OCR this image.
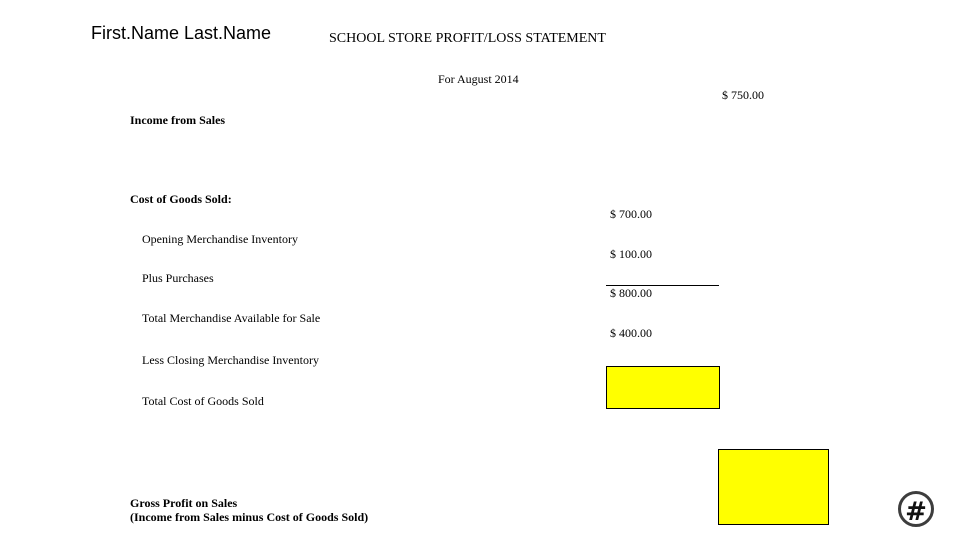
First.Name Last.Name	SCHOOL STORE PROFIT/LOSS STATEMENT
For August 2014
$ 750.00
Income from Sales
Cost of Goods Sold:
$ 700.00
Opening Merchandise Inventory
$ 100.00
Plus Purchases
$ 800.00
Total Merchandise Available for Sale
$ 400.00
Less Closing Merchandise Inventory
Total Cost of Goods Sold
Gross Profit on Sales
(Income from Sales minus Cost of Goods Sold)	#
